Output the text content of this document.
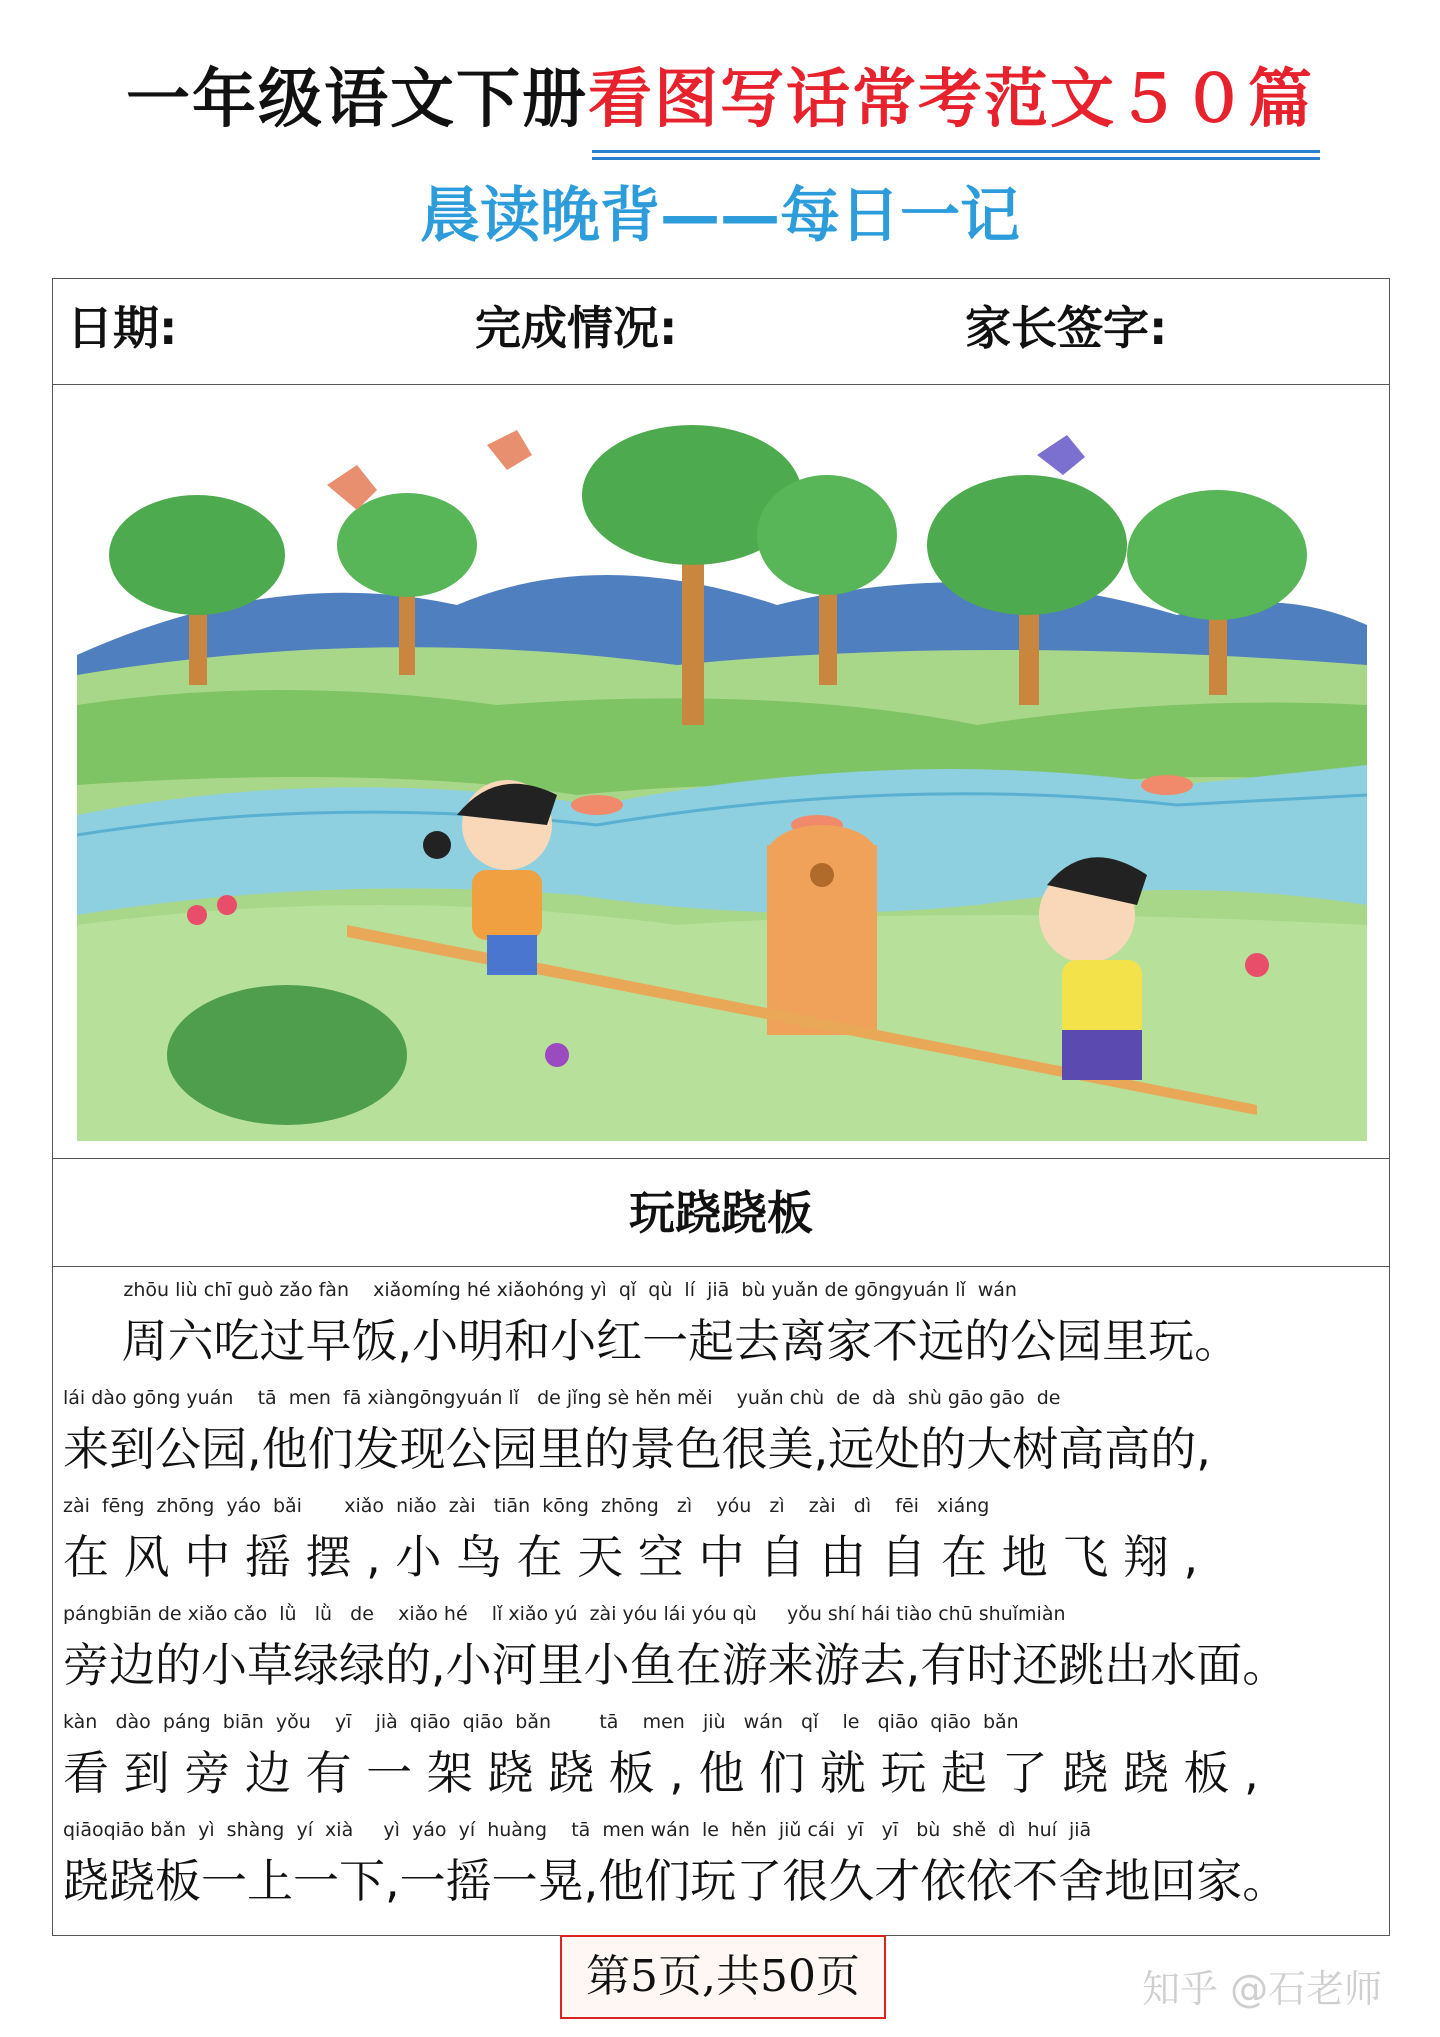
一年级语文下册看图写话常考范文５０篇
晨读晚背——每日一记
日期:	完成情况:	家长签字:
玩跷跷板
zhōu liù chī guò zǎo fàn    xiǎomíng hé xiǎohóng yì  qǐ  qù  lí  jiā  bù yuǎn de gōngyuán lǐ  wán
周六吃过早饭,小明和小红一起去离家不远的公园里玩。
lái dào gōng yuán    tā  men  fā xiàngōngyuán lǐ   de jǐng sè hěn měi    yuǎn chù  de  dà  shù gāo gāo  de
来到公园,他们发现公园里的景色很美,远处的大树高高的,
zài  fēng  zhōng  yáo  bǎi       xiǎo  niǎo  zài   tiān  kōng  zhōng   zì    yóu   zì    zài   dì    fēi   xiáng
在 风 中 摇 摆 , 小 鸟 在 天 空 中 自 由 自 在 地 飞 翔 ,
pángbiān de xiǎo cǎo  lǜ   lǜ   de    xiǎo hé    lǐ xiǎo yú  zài yóu lái yóu qù     yǒu shí hái tiào chū shuǐmiàn
旁边的小草绿绿的,小河里小鱼在游来游去,有时还跳出水面。
kàn   dào  páng  biān  yǒu    yī    jià  qiāo  qiāo  bǎn        tā    men   jiù   wán   qǐ    le   qiāo  qiāo  bǎn
看 到 旁 边 有 一 架 跷 跷 板 , 他 们 就 玩 起 了 跷 跷 板 ,
qiāoqiāo bǎn  yì  shàng  yí  xià     yì  yáo  yí  huàng    tā  men wán  le  hěn  jiǔ cái  yī   yī   bù  shě  dì  huí  jiā
跷跷板一上一下,一摇一晃,他们玩了很久才依依不舍地回家。
第5页,共50页	知乎 @石老师
